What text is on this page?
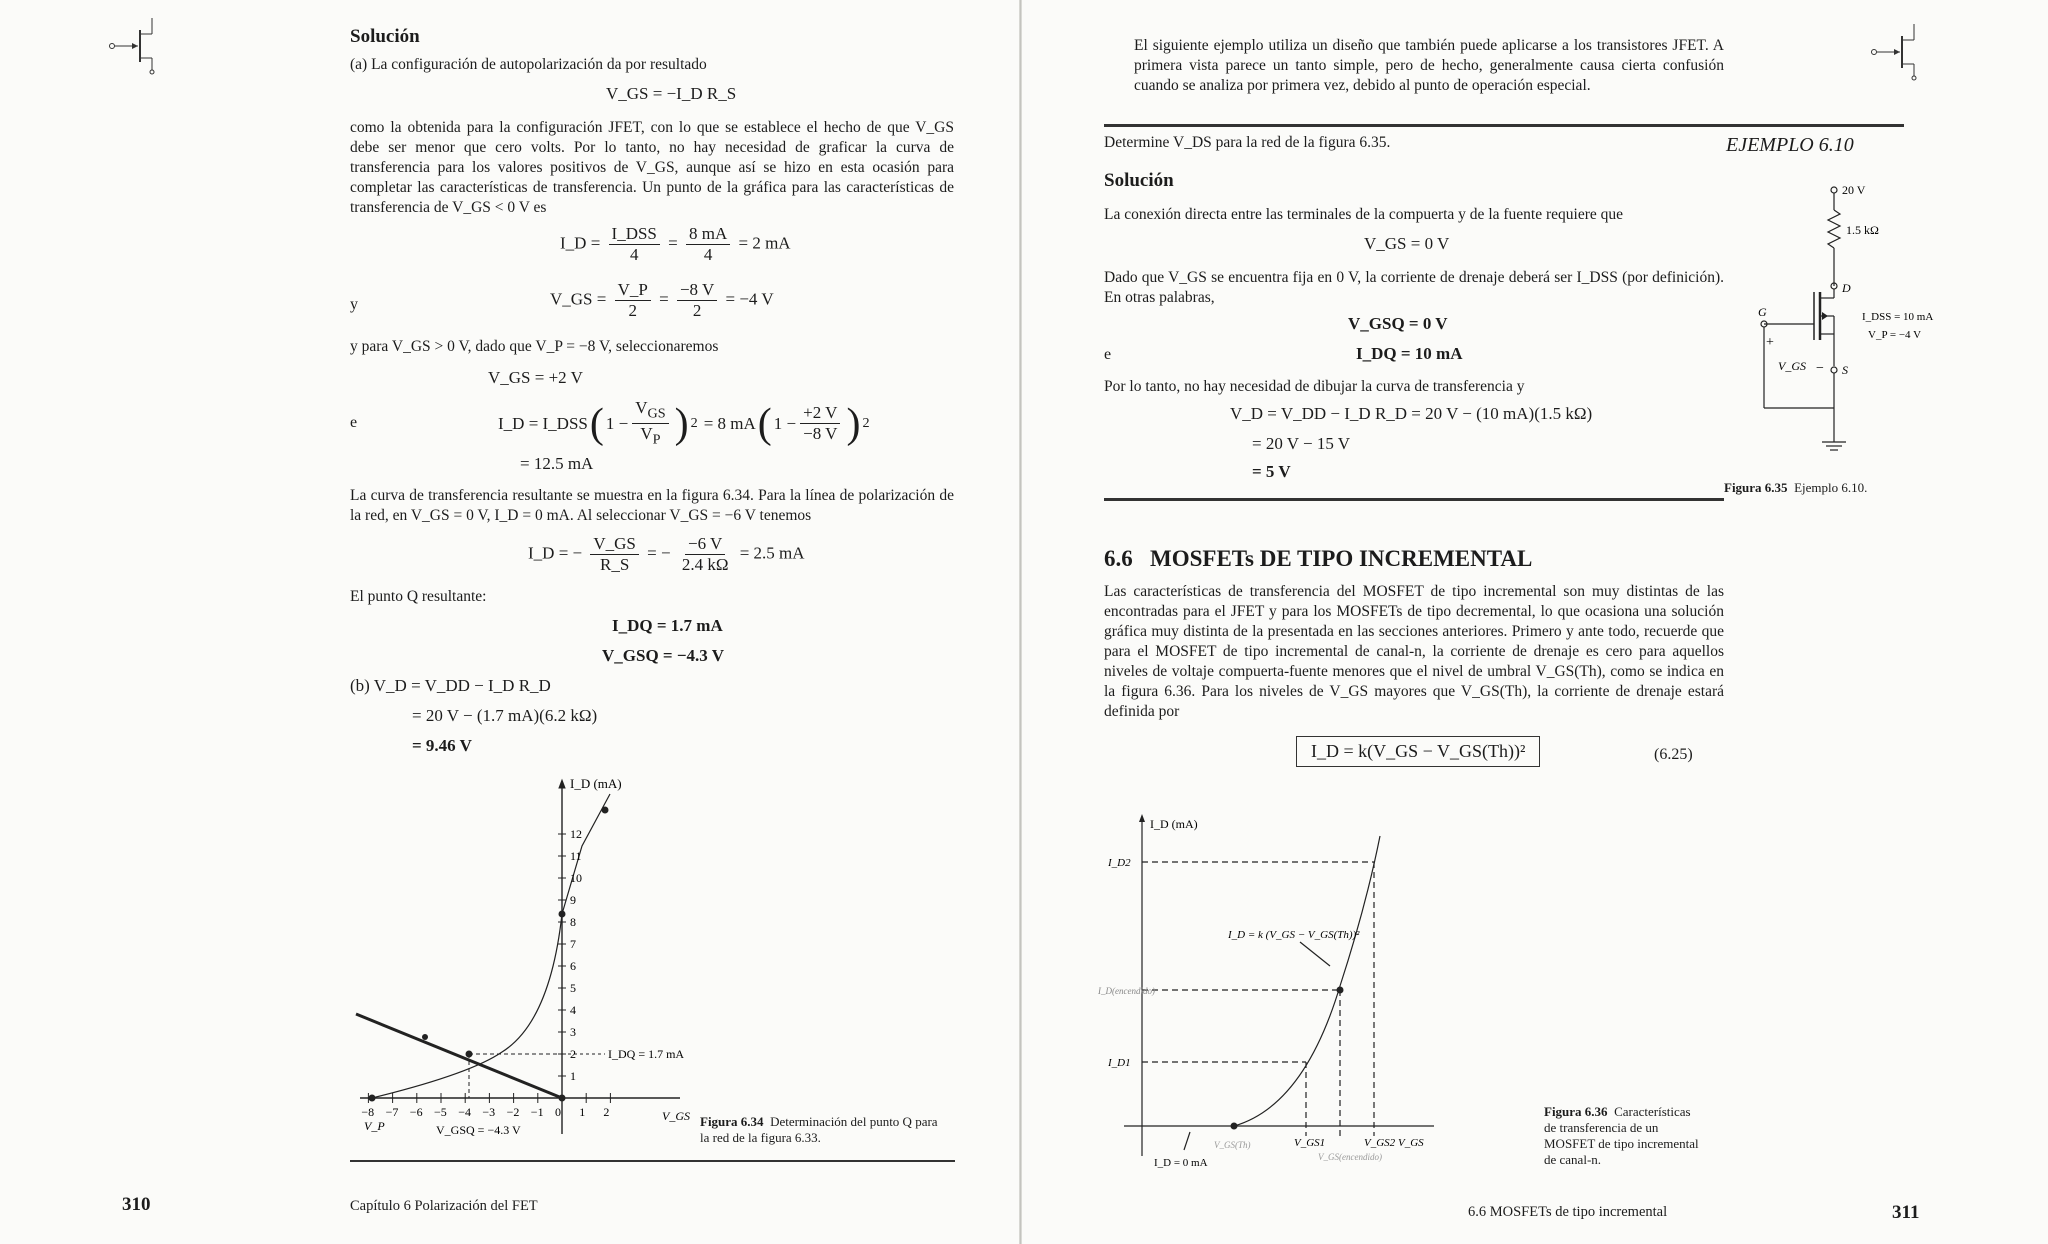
Solución
(a) La configuración de autopolarización da por resultado
V_GS = −I_D R_S
como la obtenida para la configuración JFET, con lo que se establece el hecho de que V_GS debe ser menor que cero volts. Por lo tanto, no hay necesidad de graficar la curva de transferencia para los valores positivos de V_GS, aunque así se hizo en esta ocasión para completar las características de transferencia. Un punto de la gráfica para las características de transferencia de V_GS < 0 V es
I_D = $\frac{\text{I\_DSS}}{4} = \frac{8 mA}{4} = 2$ mA
y	V_GS = $\frac{V\_P}{2} = \frac{-8 V}{2} = -4$ V
y para V_GS > 0 V, dado que V_P = −8 V, seleccionaremos
V_GS = +2 V
e	I_D = I_DSS ( $1 - \frac{V_{GS}}{V_P}$ ) 2 = 8 mA ( $1 - \frac{+2 V}{-8 V}$ ) 2
= 12.5 mA
La curva de transferencia resultante se muestra en la figura 6.34. Para la línea de polarización de la red, en V_GS = 0 V, I_D = 0 mA. Al seleccionar V_GS = −6 V tenemos
I_D = − $\frac{V\_GS}{R\_S}$ = − $\frac{-6 V}{2.4 k\Omega} = 2.5$ mA
El punto Q resultante:
I_DQ = 1.7 mA
V_GSQ = −4.3 V
(b) V_D = V_DD − I_D R_D
= 20 V − (1.7 mA)(6.2 kΩ)
= 9.46 V
1
2
3
4
5
6
7
8
9
10
11
12
−8 −7 −6 −5 −4 −3 −2 −1 0 1 2
I_D (mA)
V_GS
V_P	V_GSQ = −4.3 V
I_DQ = 1.7 mA
Figura 6.34 Determinación del punto Q para la red de la figura 6.33.
310	Capítulo 6 Polarización del FET
El siguiente ejemplo utiliza un diseño que también puede aplicarse a los transistores JFET. A primera vista parece un tanto simple, pero de hecho, generalmente causa cierta confusión cuando se analiza por primera vez, debido al punto de operación especial.
Determine V_DS para la red de la figura 6.35.	EJEMPLO 6.10
Solución
La conexión directa entre las terminales de la compuerta y de la fuente requiere que
V_GS = 0 V
Dado que V_GS se encuentra fija en 0 V, la corriente de drenaje deberá ser I_DSS (por definición). En otras palabras,
V_GSQ = 0 V
e	I_DQ = 10 mA
Por lo tanto, no hay necesidad de dibujar la curva de transferencia y
V_D = V_DD − I_D R_D = 20 V − (10 mA)(1.5 kΩ)
= 20 V − 15 V
= 5 V
20 V
1.5 kΩ
D
G
S
+
V_GS −
I_DSS = 10 mA
V_P = −4 V
Figura 6.35 Ejemplo 6.10.
6.6 MOSFETs DE TIPO INCREMENTAL
Las características de transferencia del MOSFET de tipo incremental son muy distintas de las encontradas para el JFET y para los MOSFETs de tipo decremental, lo que ocasiona una solución gráfica muy distinta de la presentada en las secciones anteriores. Primero y ante todo, recuerde que para el MOSFET de tipo incremental de canal-n, la corriente de drenaje es cero para aquellos niveles de voltaje compuerta-fuente menores que el nivel de umbral V_GS(Th), como se indica en la figura 6.36. Para los niveles de V_GS mayores que V_GS(Th), la corriente de drenaje estará definida por
I_D = k(V_GS − V_GS(Th))²	(6.25)
I_D (mA)
I_D2
I_D(encendido)
I_D1
I_D = k (V_GS − V_GS(Th))²
V_GS(Th)	V_GS1
V_GS(encendido)
V_GS2 V_GS
I_D = 0 mA
Figura 6.36 Características de transferencia de un MOSFET de tipo incremental de canal-n.
6.6 MOSFETs de tipo incremental	311
